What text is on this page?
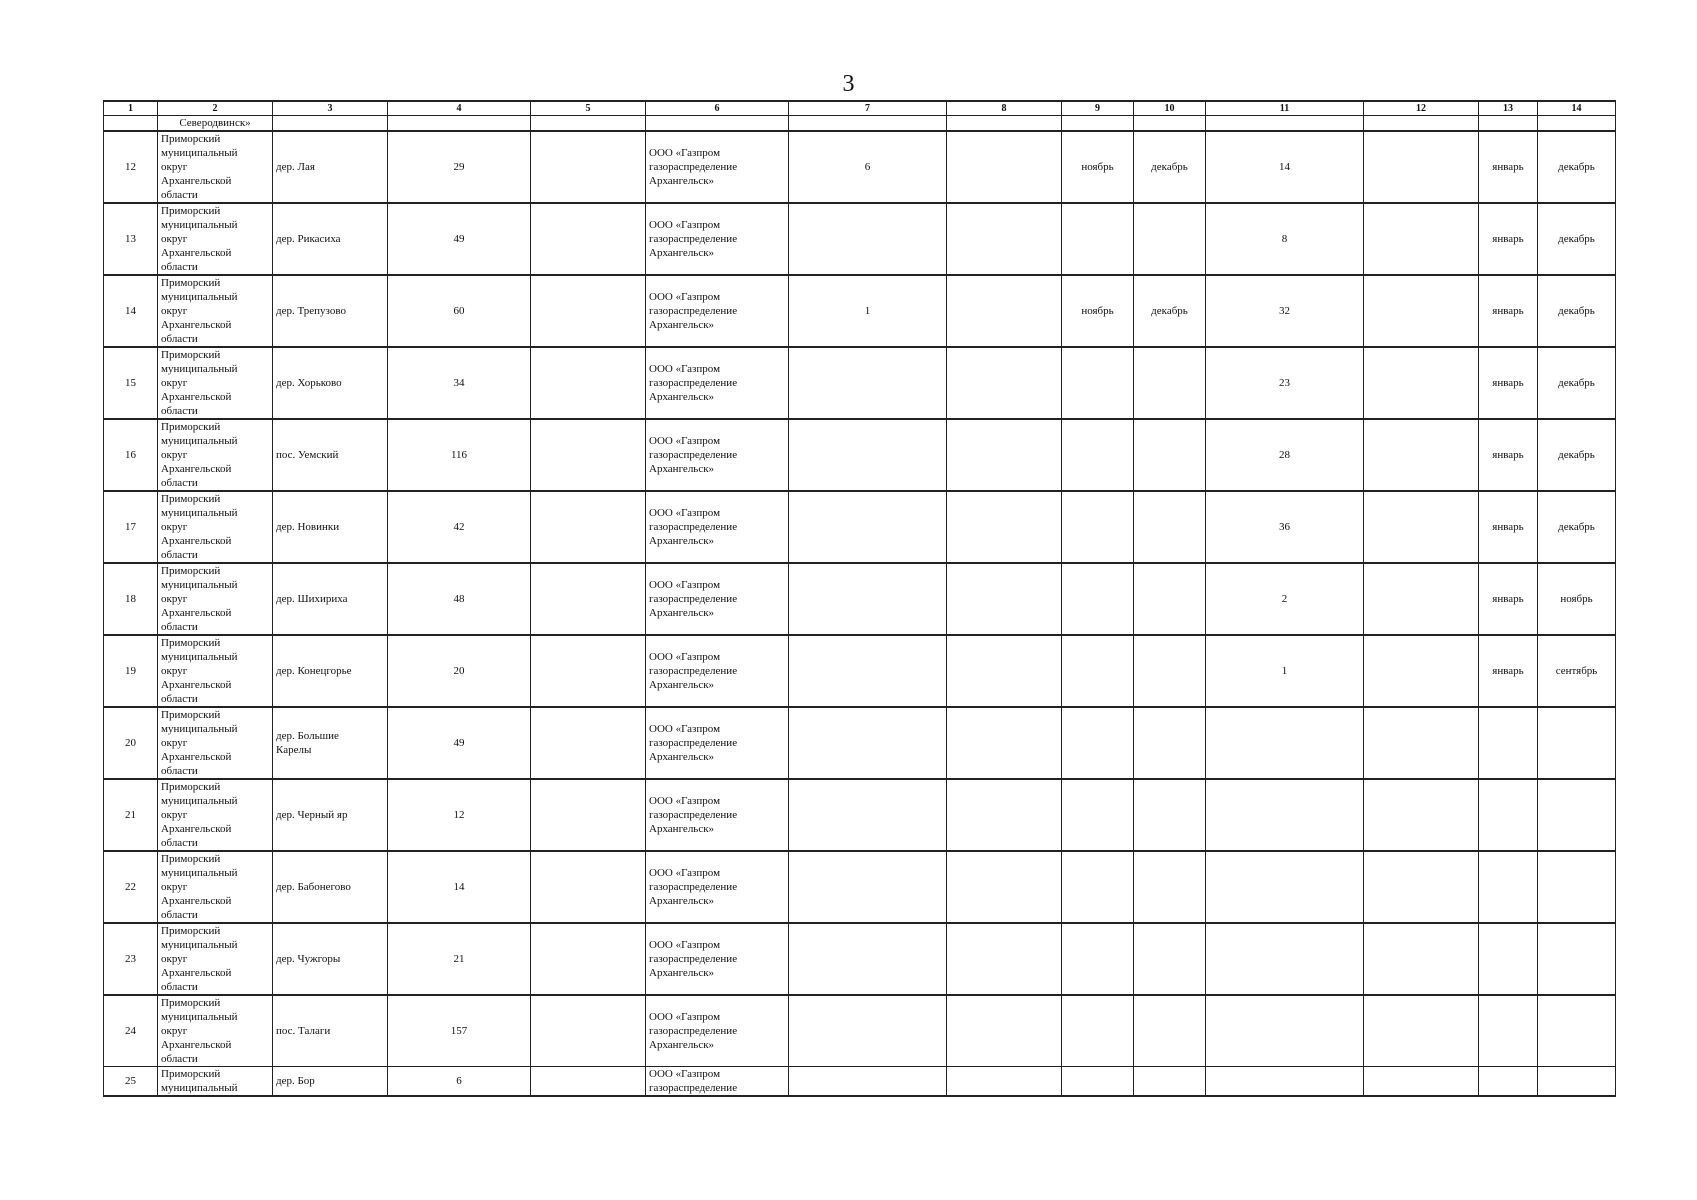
3
1	2	3	4	5	6	7	8	9	10	11	12	13	14
	Северодвинск»												
12	Приморский
муниципальный
округ
Архангельской
области	дер. Лая	29		ООО «Газпром
газораспределение
Архангельск»	6		ноябрь	декабрь	14		январь	декабрь
13	Приморский
муниципальный
округ
Архангельской
области	дер. Рикасиха	49		ООО «Газпром
газораспределение
Архангельск»					8		январь	декабрь
14	Приморский
муниципальный
округ
Архангельской
области	дер. Трепузово	60		ООО «Газпром
газораспределение
Архангельск»	1		ноябрь	декабрь	32		январь	декабрь
15	Приморский
муниципальный
округ
Архангельской
области	дер. Хорьково	34		ООО «Газпром
газораспределение
Архангельск»					23		январь	декабрь
16	Приморский
муниципальный
округ
Архангельской
области	пос. Уемский	116		ООО «Газпром
газораспределение
Архангельск»					28		январь	декабрь
17	Приморский
муниципальный
округ
Архангельской
области	дер. Новинки	42		ООО «Газпром
газораспределение
Архангельск»					36		январь	декабрь
18	Приморский
муниципальный
округ
Архангельской
области	дер. Шихириха	48		ООО «Газпром
газораспределение
Архангельск»					2		январь	ноябрь
19	Приморский
муниципальный
округ
Архангельской
области	дер. Конецгорье	20		ООО «Газпром
газораспределение
Архангельск»					1		январь	сентябрь
20	Приморский
муниципальный
округ
Архангельской
области	дер. Большие
Карелы	49		ООО «Газпром
газораспределение
Архангельск»								

21	Приморский
муниципальный
округ
Архангельской
области	дер. Черный яр	12		ООО «Газпром
газораспределение
Архангельск»								

22	Приморский
муниципальный
округ
Архангельской
области	дер. Бабонегово	14		ООО «Газпром
газораспределение
Архангельск»								

23	Приморский
муниципальный
округ
Архангельской
области	дер. Чужгоры	21		ООО «Газпром
газораспределение
Архангельск»								

24	Приморский
муниципальный
округ
Архангельской
области	пос. Талаги	157		ООО «Газпром
газораспределение
Архангельск»								

25	Приморский
муниципальный	дер. Бор	6		ООО «Газпром
газораспределение								
